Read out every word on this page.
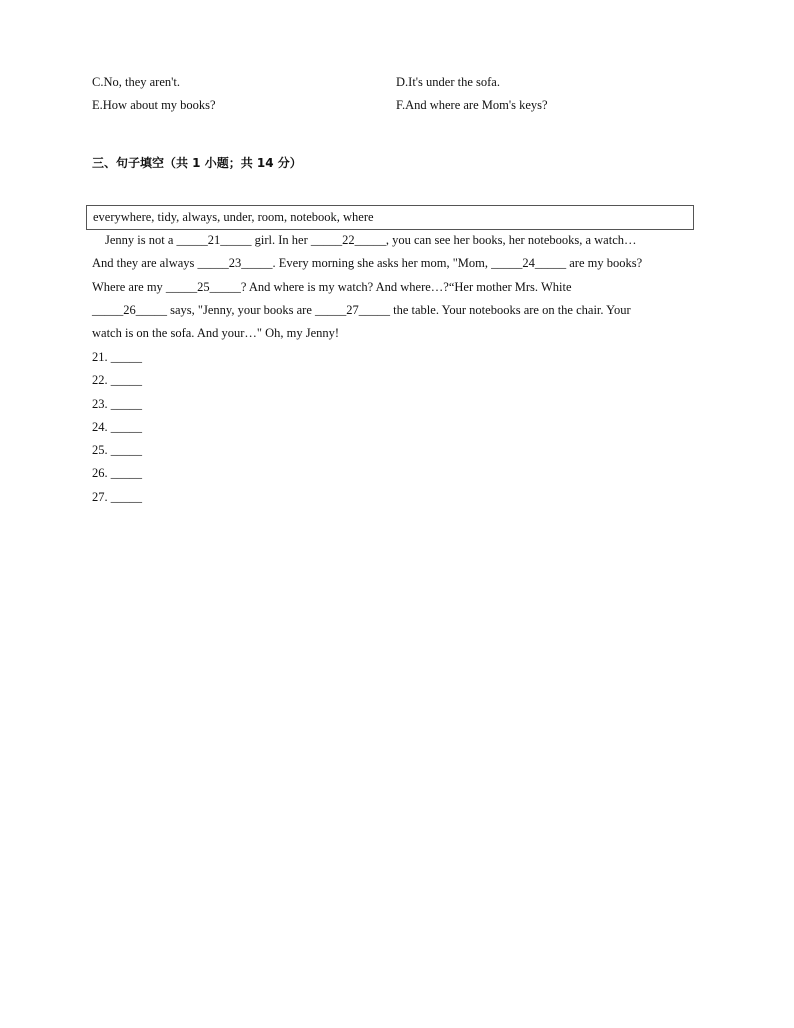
C.No, they aren't.	D.It's under the sofa.
E.How about my books?	F.And where are Mom's keys?
三、句子填空（共 1 小题；共 14 分）
everywhere, tidy, always, under, room, notebook, where
Jenny is not a _____21_____ girl. In her _____22_____, you can see her books, her notebooks, a watch…
And they are always _____23_____. Every morning she asks her mom, "Mom, _____24_____ are my books?
Where are my _____25_____? And where is my watch? And where…?“Her mother Mrs. White
_____26_____ says, "Jenny, your books are _____27_____ the table. Your notebooks are on the chair. Your
watch is on the sofa. And your…" Oh, my Jenny!
21. _____
22. _____
23. _____
24. _____
25. _____
26. _____
27. _____
